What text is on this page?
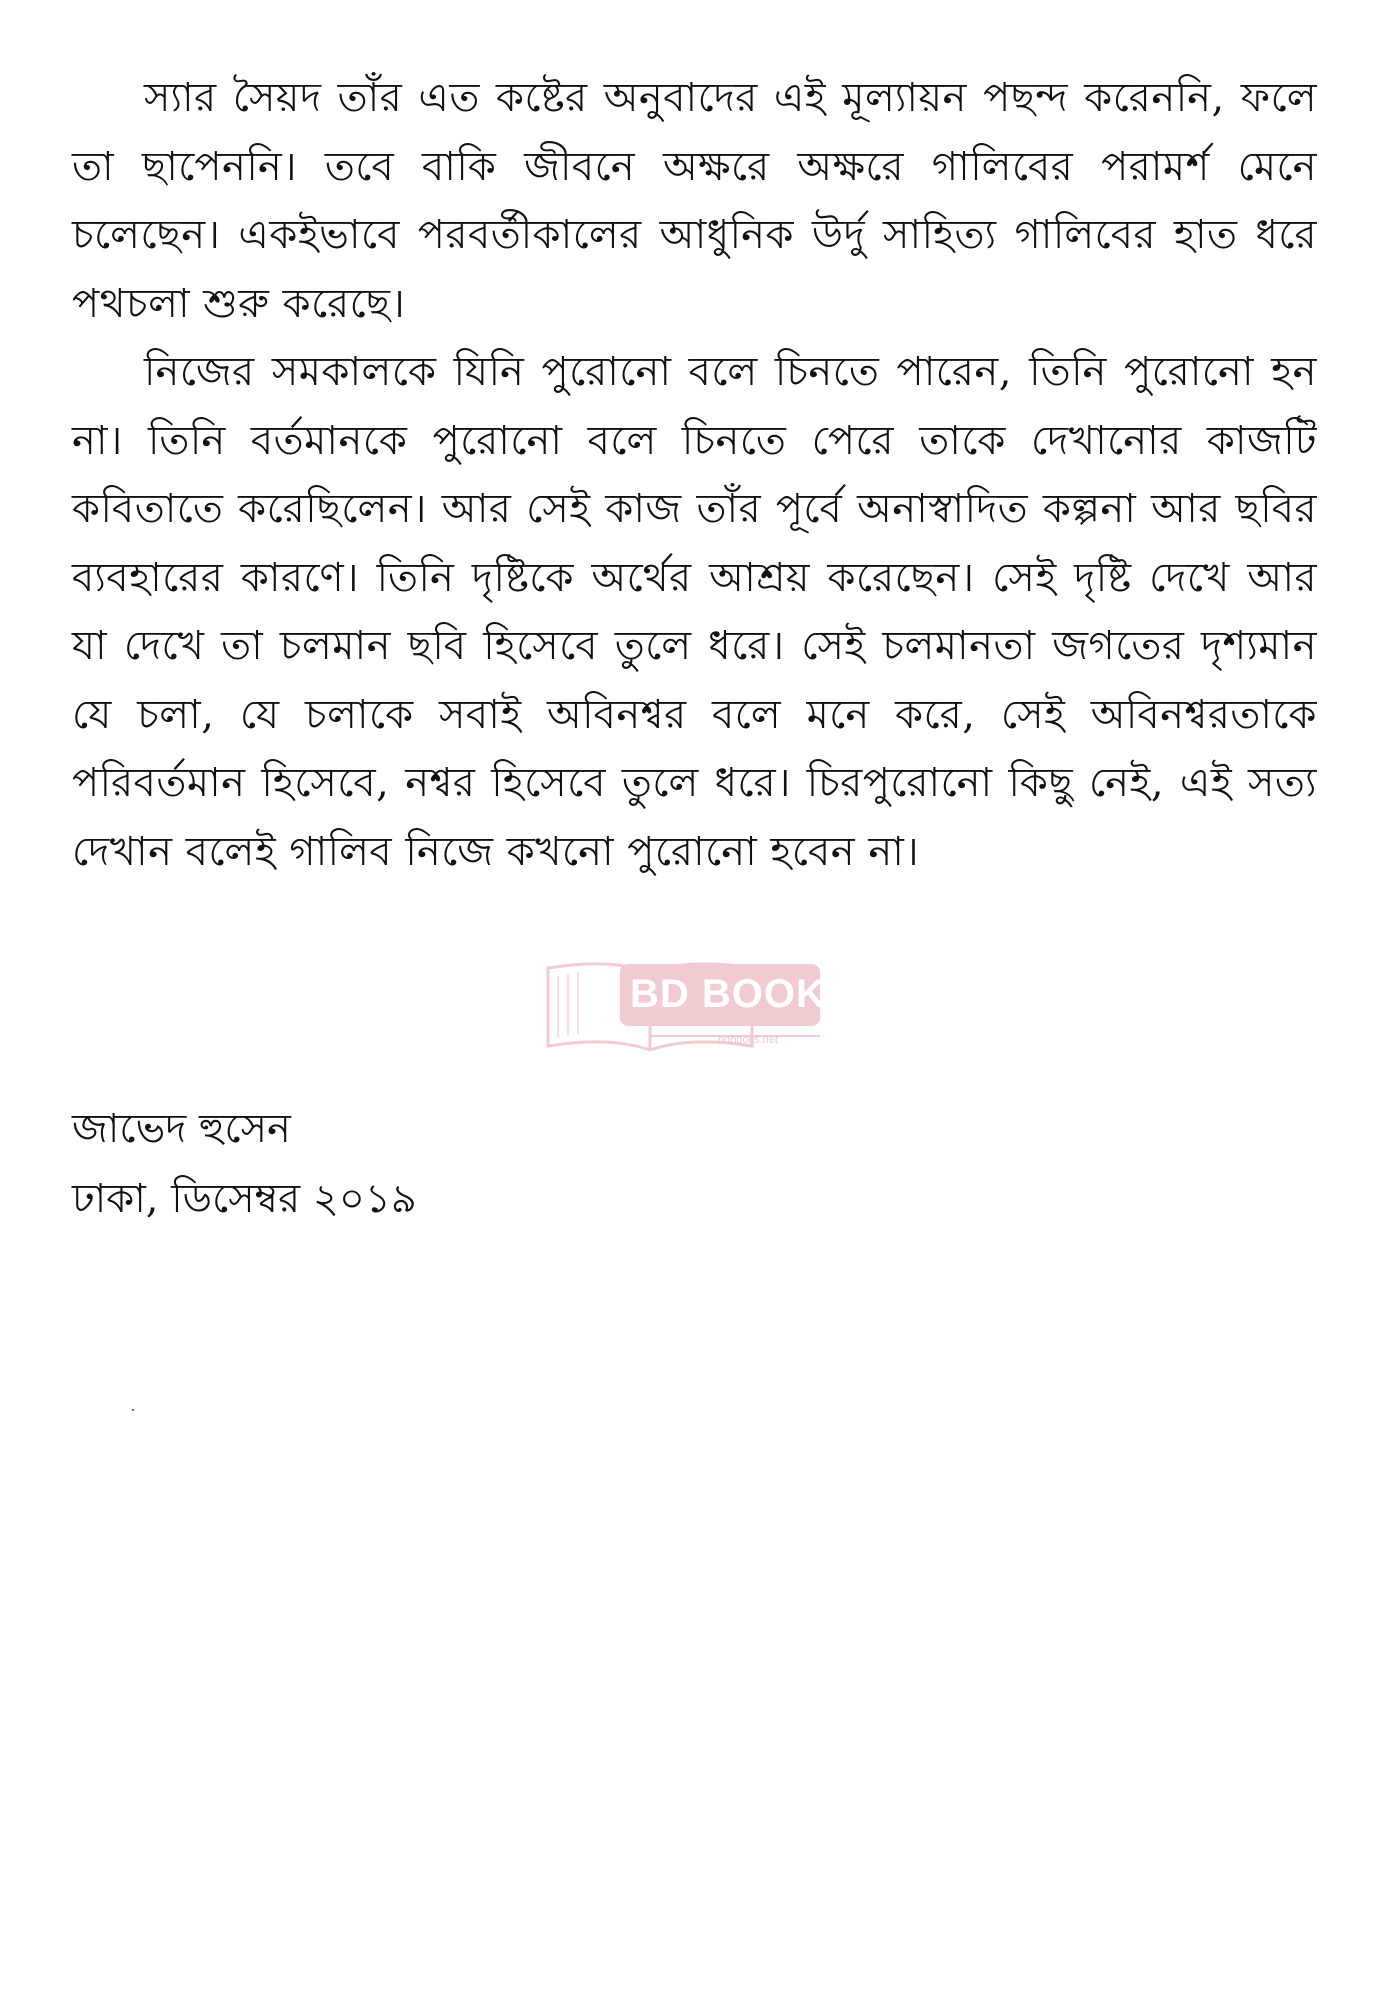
স্যার সৈয়দ তাঁর এত কষ্টের অনুবাদের এই মূল্যায়ন পছন্দ করেননি, ফলে তা ছাপেননি। তবে বাকি জীবনে অক্ষরে অক্ষরে গালিবের পরামর্শ মেনে চলেছেন। একইভাবে পরবর্তীকালের আধুনিক উর্দু সাহিত্য গালিবের হাত ধরে পথচলা শুরু করেছে।

নিজের সমকালকে যিনি পুরোনো বলে চিনতে পারেন, তিনি পুরোনো হন না। তিনি বর্তমানকে পুরোনো বলে চিনতে পেরে তাকে দেখানোর কাজটি কবিতাতে করেছিলেন। আর সেই কাজ তাঁর পূর্বে অনাস্বাদিত কল্পনা আর ছবির ব্যবহারের কারণে। তিনি দৃষ্টিকে অর্থের আশ্রয় করেছেন। সেই দৃষ্টি দেখে আর যা দেখে তা চলমান ছবি হিসেবে তুলে ধরে। সেই চলমানতা জগতের দৃশ্যমান যে চলা, যে চলাকে সবাই অবিনশ্বর বলে মনে করে, সেই অবিনশ্বরতাকে পরিবর্তমান হিসেবে, নশ্বর হিসেবে তুলে ধরে। চিরপুরোনো কিছু নেই, এই সত্য দেখান বলেই গালিব নিজে কখনো পুরোনো হবেন না।

BD BOOKS
bdbooks.net
জাভেদ হুসেন
ঢাকা, ডিসেম্বর ২০১৯
